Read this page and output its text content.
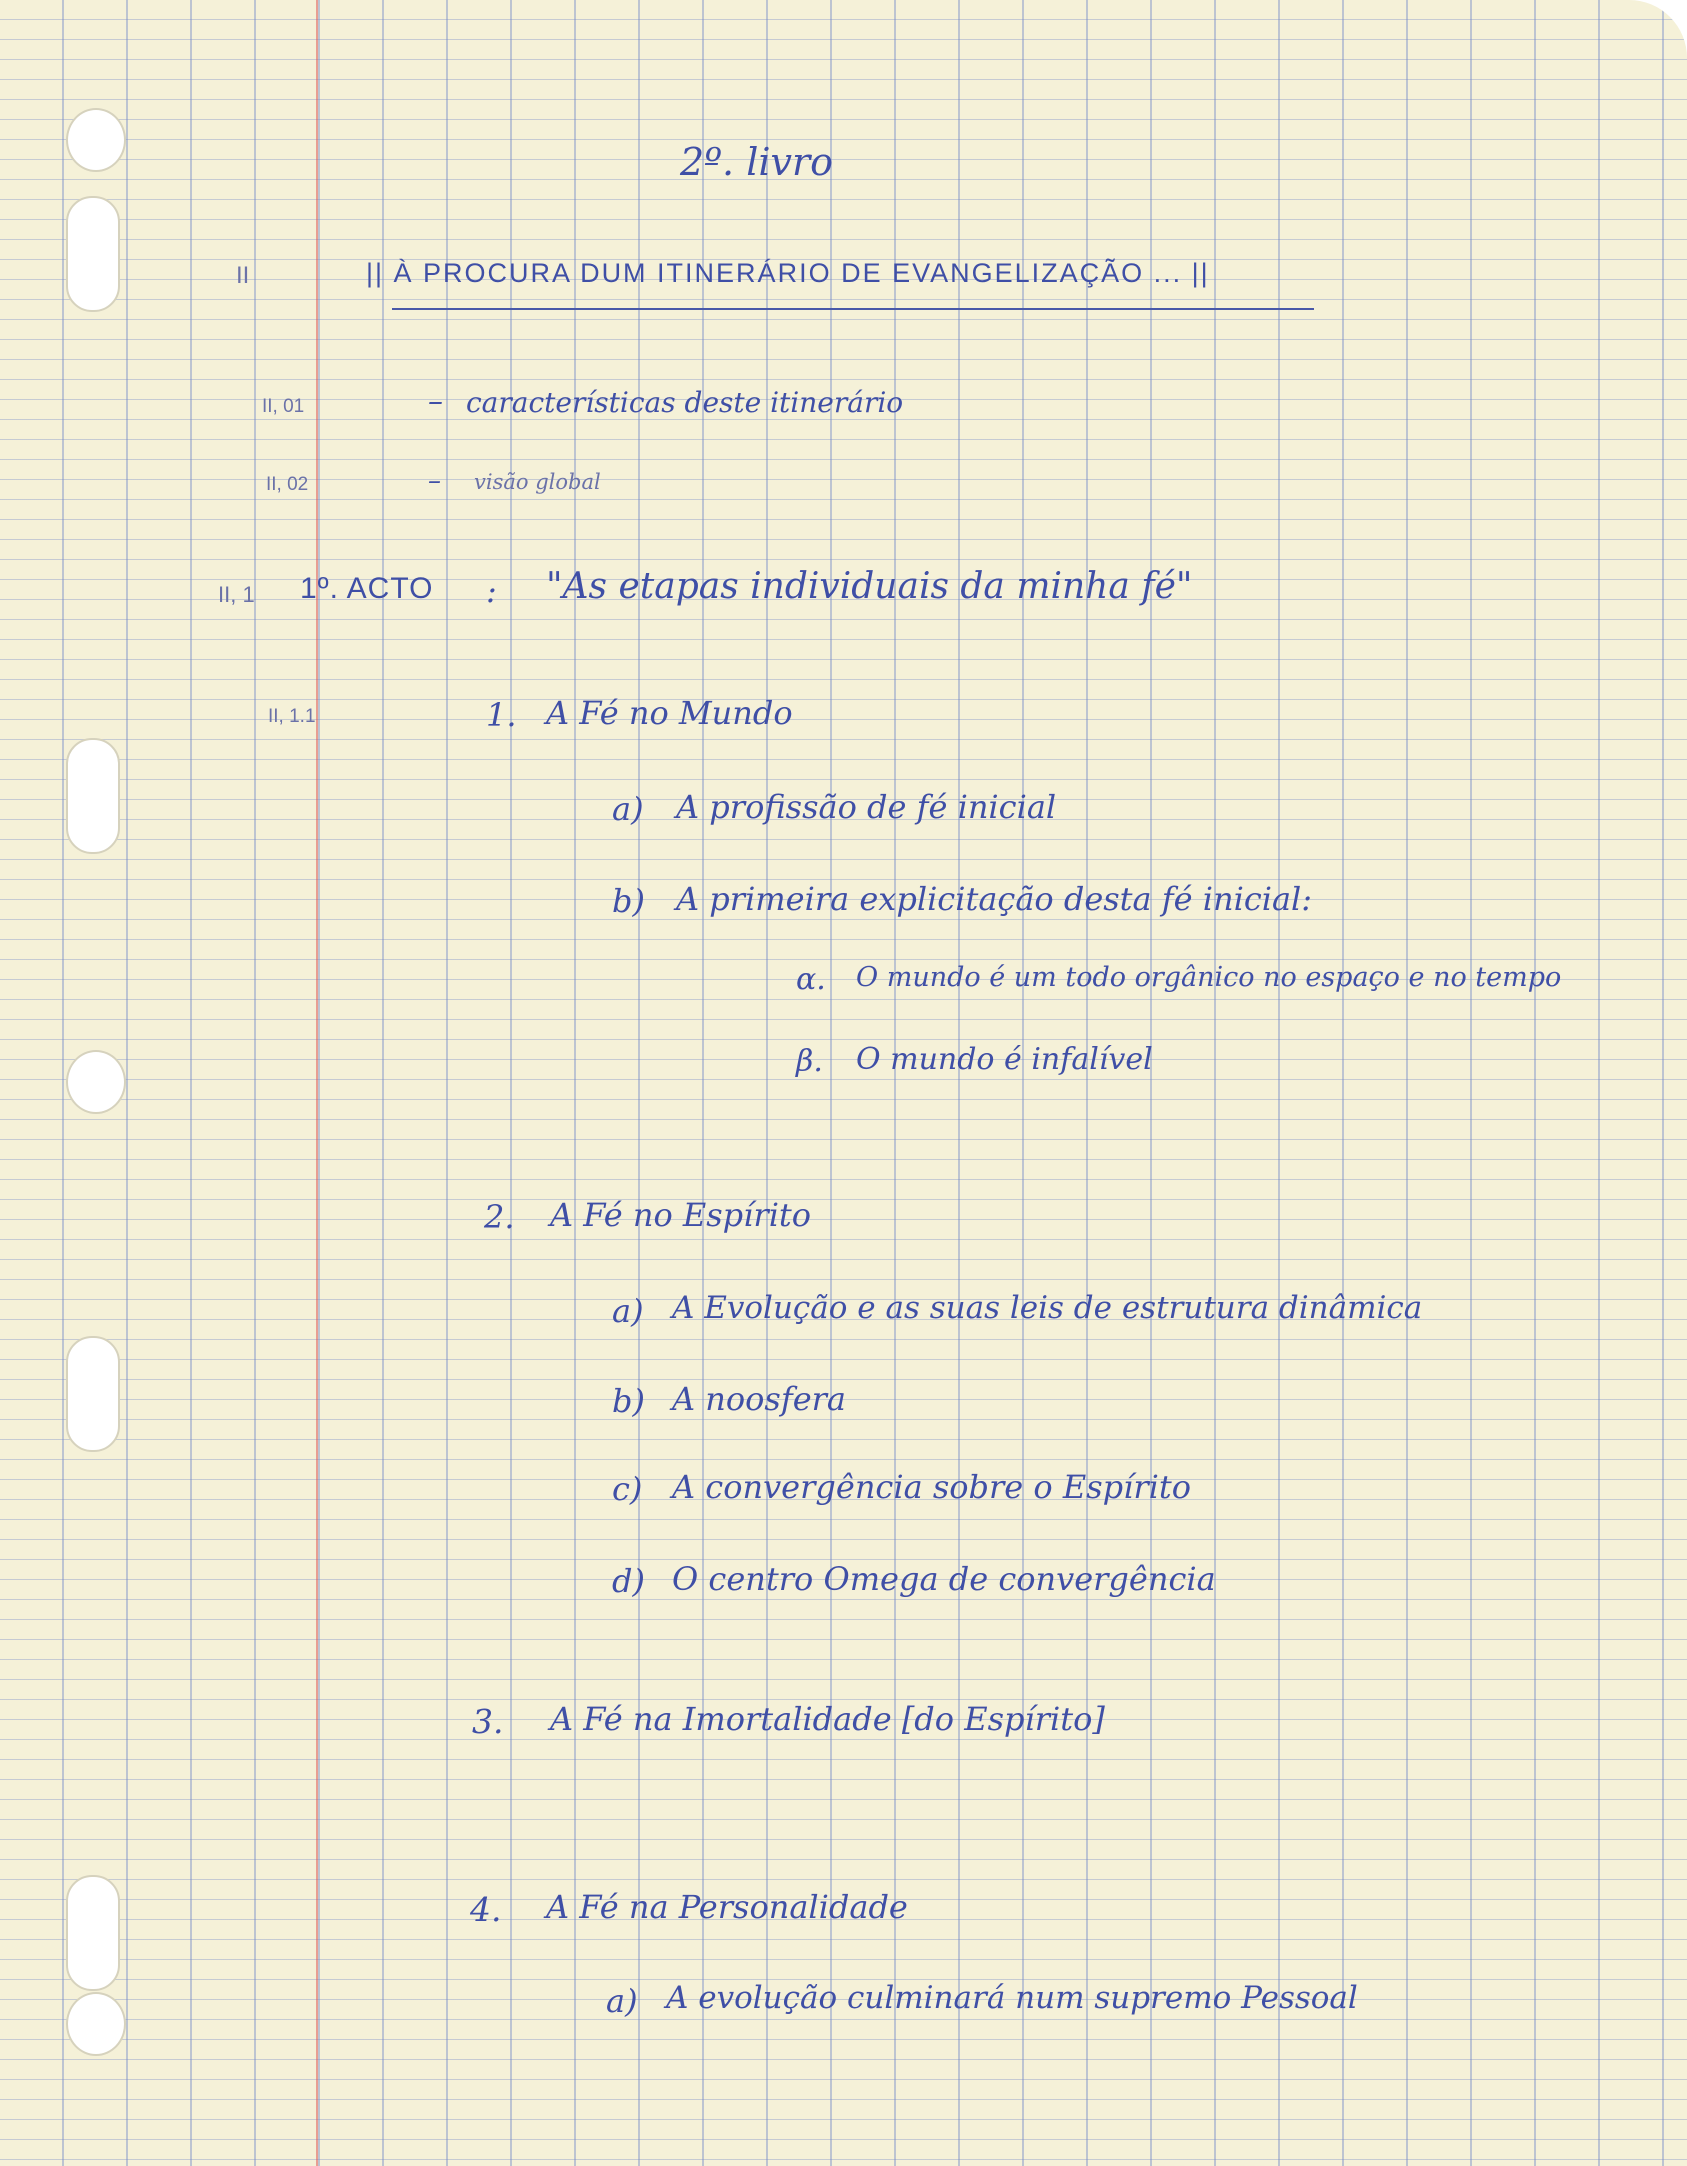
2º. livro
II	|| À PROCURA DUM ITINERÁRIO DE EVANGELIZAÇÃO ... ||
II, 01	– características deste itinerário
II, 02	– visão global
II, 1 1º. ACTO : "As etapas individuais da minha fé"
II, 1.1	1. A Fé no Mundo
a) A profissão de fé inicial
b) A primeira explicitação desta fé inicial:
α. O mundo é um todo orgânico no espaço e no tempo
β. O mundo é infalível
2. A Fé no Espírito
a) A Evolução e as suas leis de estrutura dinâmica
b) A noosfera
c) A convergência sobre o Espírito
d) O centro Omega de convergência
3. A Fé na Imortalidade [do Espírito]
4. A Fé na Personalidade
a) A evolução culminará num supremo Pessoal
